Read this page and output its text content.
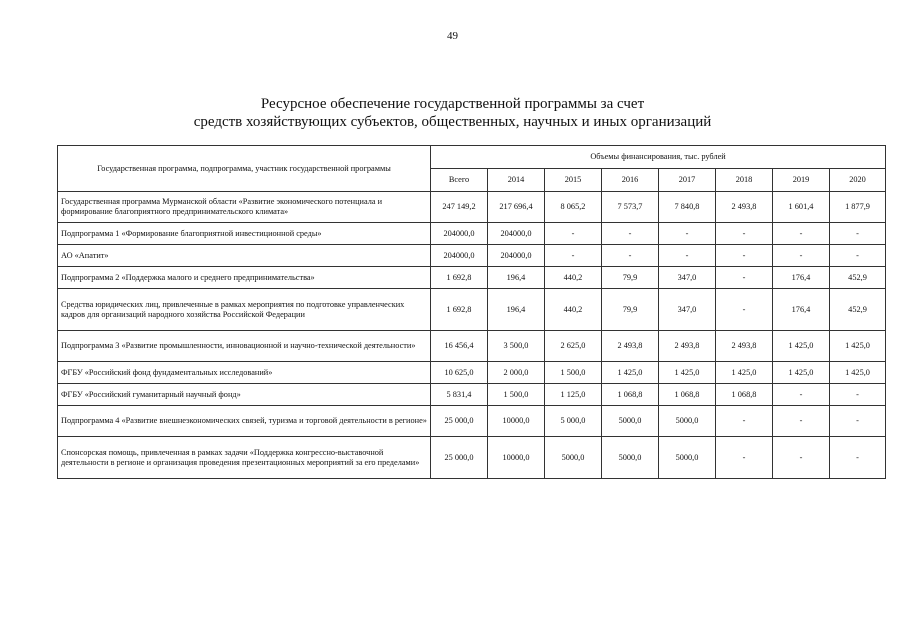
49
Ресурсное обеспечение государственной программы за счет
средств хозяйствующих субъектов, общественных, научных и иных организаций
Государственная программа, подпрограмма, участник государственной программы	Объемы финансирования, тыс. рублей							
	Всего	2014	2015	2016	2017	2018	2019	2020
Государственная программа Мурманской области «Развитие экономического потенциала и формирование благоприятного предпринимательского климата»	247 149,2	217 696,4	8 065,2	7 573,7	7 840,8	2 493,8	1 601,4	1 877,9
Подпрограмма 1 «Формирование благоприятной инвестиционной среды»	204000,0	204000,0	-	-	-	-	-	-
АО «Апатит»	204000,0	204000,0	-	-	-	-	-	-
Подпрограмма 2 «Поддержка малого и среднего предпринимательства»	1 692,8	196,4	440,2	79,9	347,0	-	176,4	452,9
Средства юридических лиц, привлеченные в рамках мероприятия по подготовке управленческих кадров для организаций народного хозяйства Российской Федерации	1 692,8	196,4	440,2	79,9	347,0	-	176,4	452,9
Подпрограмма 3 «Развитие промышленности, инновационной и научно-технической деятельности»	16 456,4	3 500,0	2 625,0	2 493,8	2 493,8	2 493,8	1 425,0	1 425,0
ФГБУ «Российский фонд фундаментальных исследований»	10 625,0	2 000,0	1 500,0	1 425,0	1 425,0	1 425,0	1 425,0	1 425,0
ФГБУ «Российский гуманитарный научный фонд»	5 831,4	1 500,0	1 125,0	1 068,8	1 068,8	1 068,8	-	-
Подпрограмма 4 «Развитие внешнеэкономических связей, туризма и торговой деятельности в регионе»	25 000,0	10000,0	5 000,0	5000,0	5000,0	-	-	-
Спонсорская помощь, привлеченная в рамках задачи «Поддержка конгрессно-выставочной деятельности в регионе и организация проведения презентационных мероприятий за его пределами»	25 000,0	10000,0	5000,0	5000,0	5000,0	-	-	-
